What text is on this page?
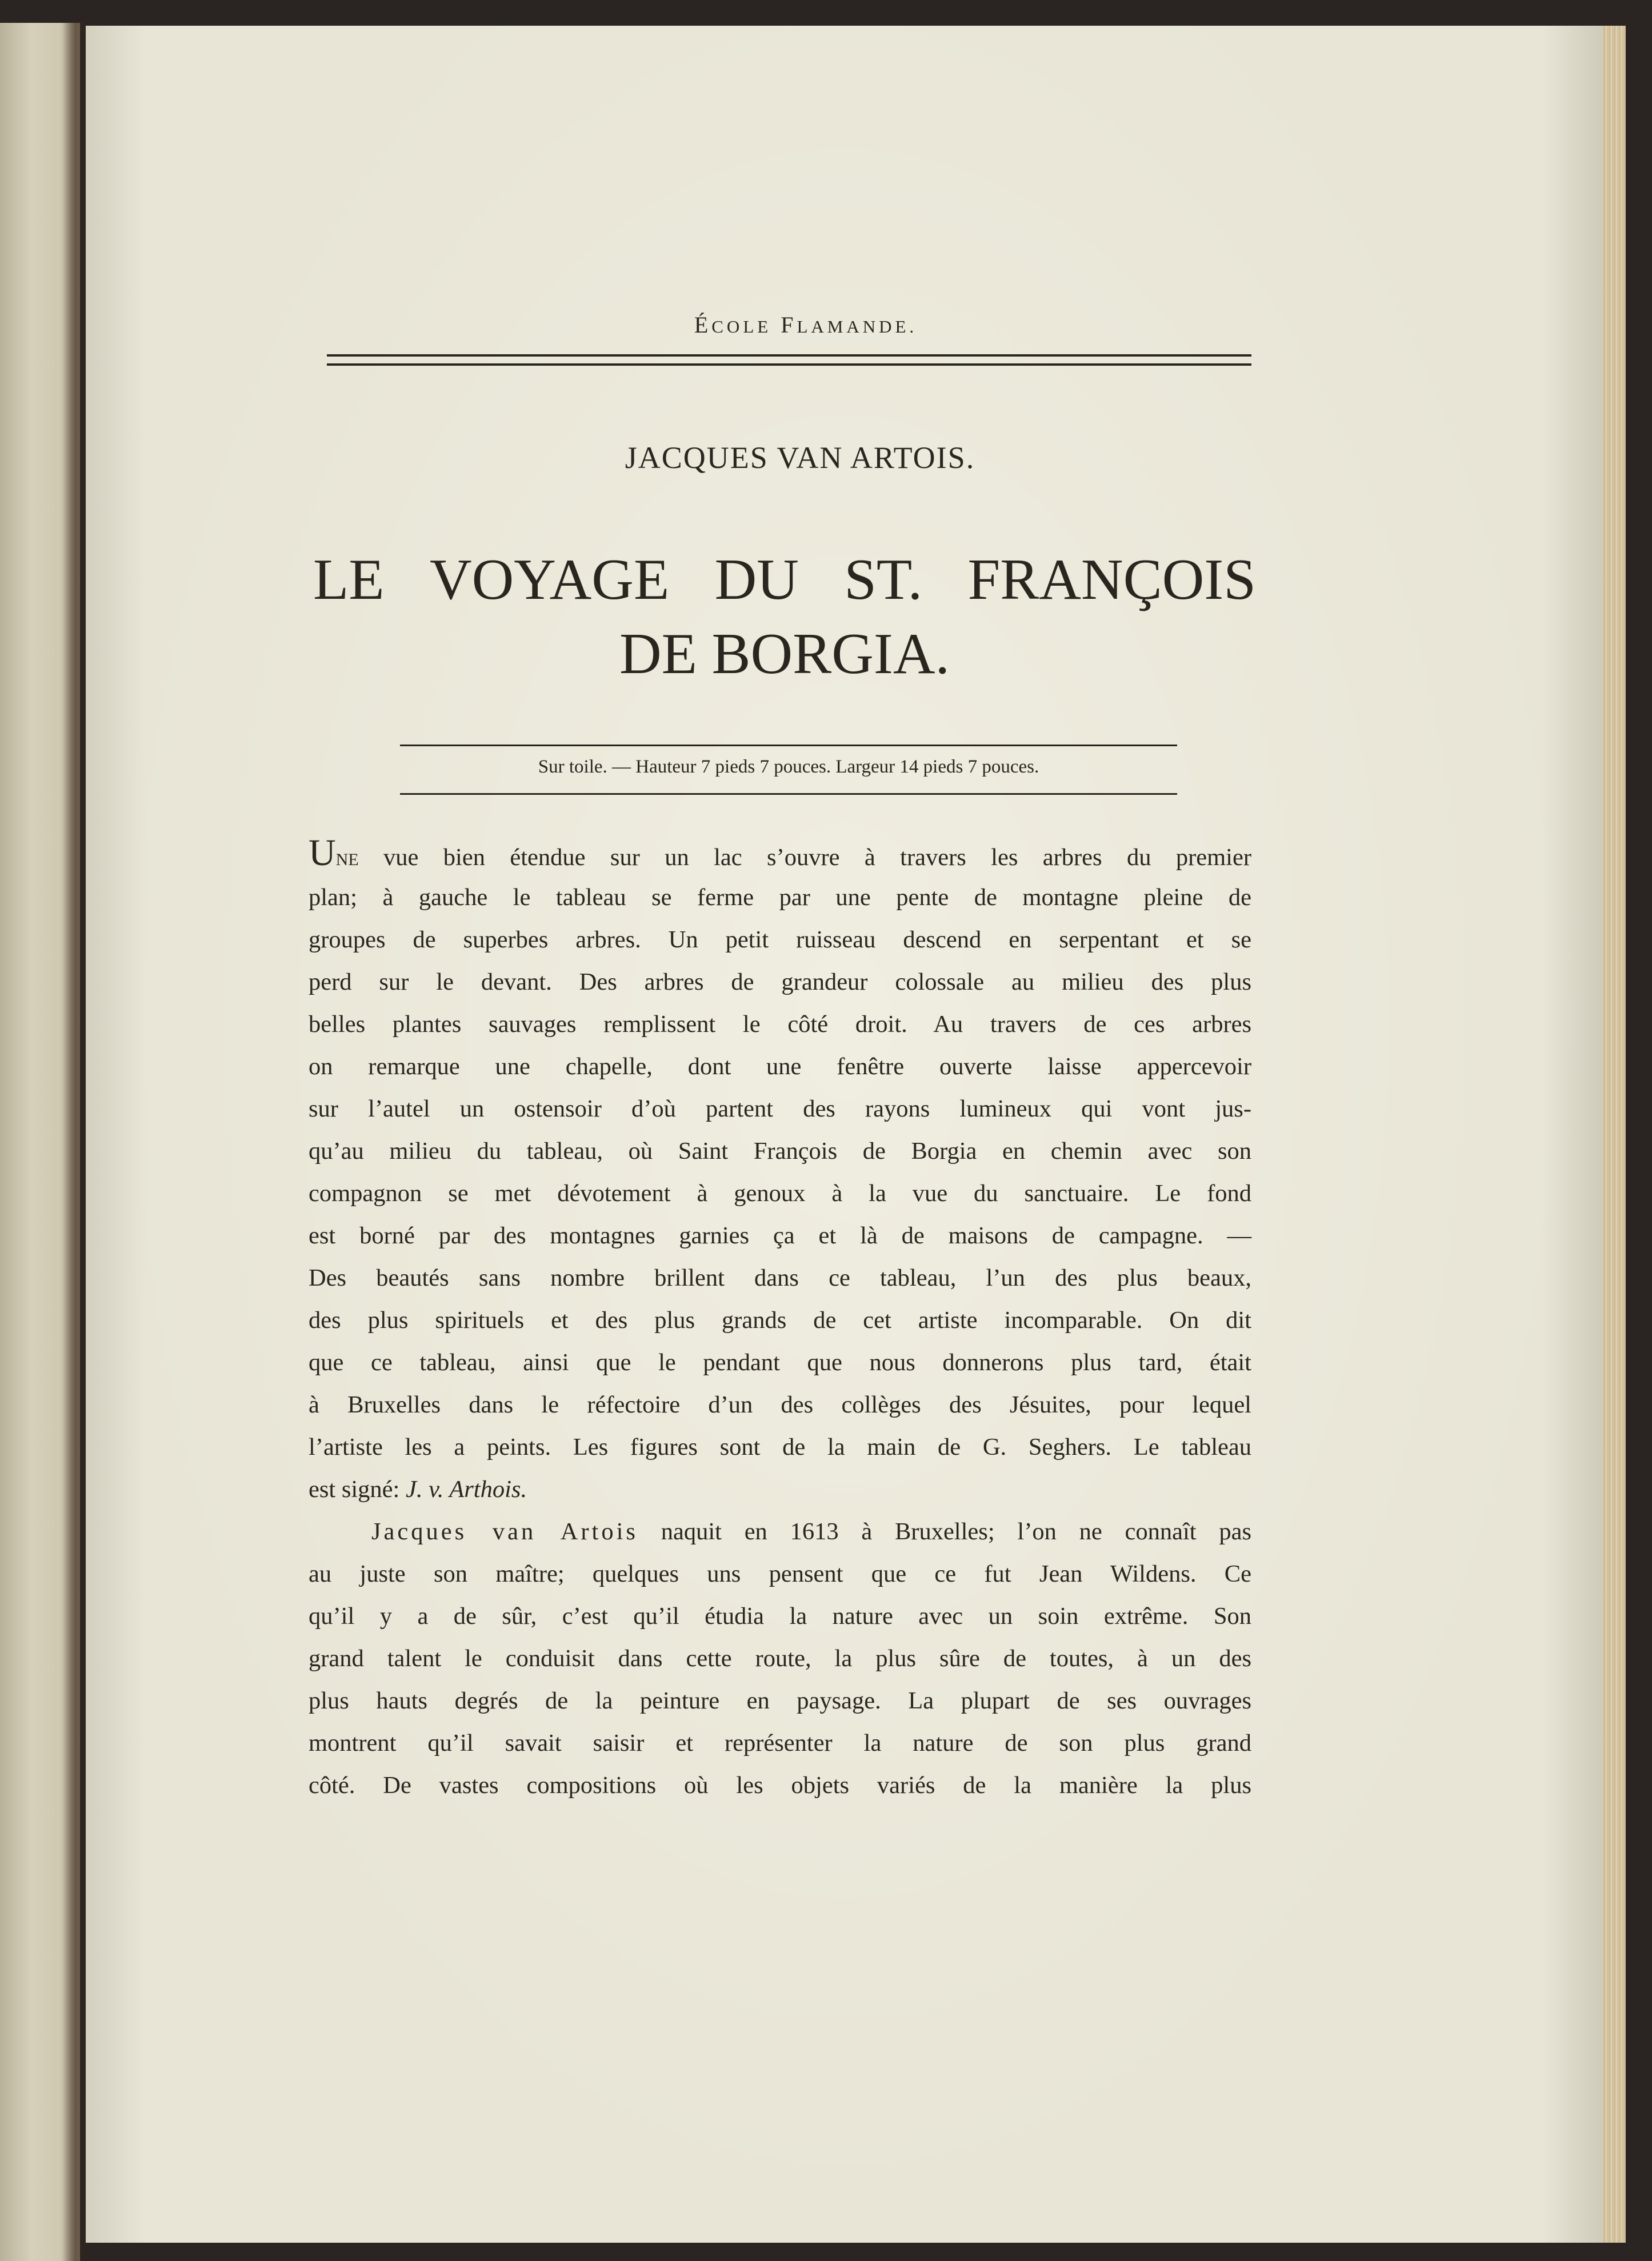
ÉCOLE FLAMANDE.
JACQUES VAN ARTOIS.
LE VOYAGE DU ST. FRANÇOIS
DE BORGIA.
Sur toile. — Hauteur 7 pieds 7 pouces. Largeur 14 pieds 7 pouces.
UNE vue bien étendue sur un lac s’ouvre à travers les arbres du premier
plan; à gauche le tableau se ferme par une pente de montagne pleine de
groupes de superbes arbres. Un petit ruisseau descend en serpentant et se
perd sur le devant. Des arbres de grandeur colossale au milieu des plus
belles plantes sauvages remplissent le côté droit. Au travers de ces arbres
on remarque une chapelle, dont une fenêtre ouverte laisse appercevoir
sur l’autel un ostensoir d’où partent des rayons lumineux qui vont jus-
qu’au milieu du tableau, où Saint François de Borgia en chemin avec son
compagnon se met dévotement à genoux à la vue du sanctuaire. Le fond
est borné par des montagnes garnies ça et là de maisons de campagne. —
Des beautés sans nombre brillent dans ce tableau, l’un des plus beaux,
des plus spirituels et des plus grands de cet artiste incomparable. On dit
que ce tableau, ainsi que le pendant que nous donnerons plus tard, était
à Bruxelles dans le réfectoire d’un des collèges des Jésuites, pour lequel
l’artiste les a peints. Les figures sont de la main de G. Seghers. Le tableau
est signé: J. v. Arthois.
Jacques van Artois naquit en 1613 à Bruxelles; l’on ne connaît pas
au juste son maître; quelques uns pensent que ce fut Jean Wildens. Ce
qu’il y a de sûr, c’est qu’il étudia la nature avec un soin extrême. Son
grand talent le conduisit dans cette route, la plus sûre de toutes, à un des
plus hauts degrés de la peinture en paysage. La plupart de ses ouvrages
montrent qu’il savait saisir et représenter la nature de son plus grand
côté. De vastes compositions où les objets variés de la manière la plus
